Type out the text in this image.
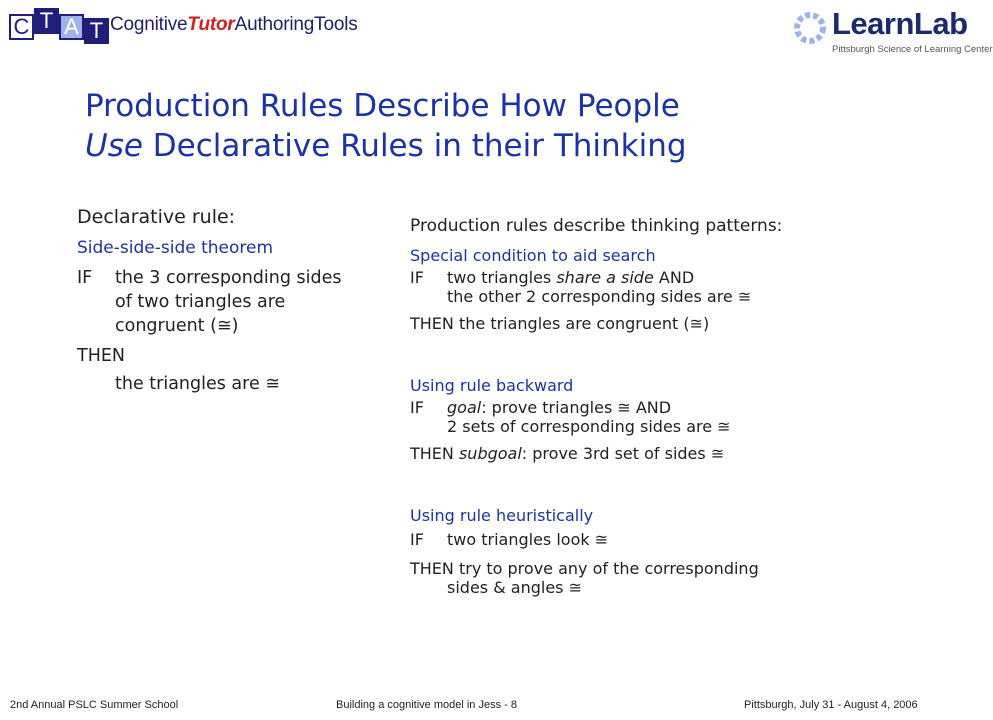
C T A T CognitiveTutorAuthoringTools	LearnLab
Pittsburgh Science of Learning Center
Production Rules Describe How People
Use Declarative Rules in their Thinking
Declarative rule:
Side-side-side theorem
IF	the 3 corresponding sides
of two triangles are
congruent (≅)
THEN
the triangles are ≅
Production rules describe thinking patterns:
Special condition to aid search
IF two triangles share a side AND
the other 2 corresponding sides are ≅
THEN the triangles are congruent (≅)
Using rule backward
IF goal: prove triangles ≅ AND
2 sets of corresponding sides are ≅
THEN subgoal: prove 3rd set of sides ≅
Using rule heuristically
IF two triangles look ≅
THEN try to prove any of the corresponding
sides & angles ≅
2nd Annual PSLC Summer School	Building a cognitive model in Jess - 8	Pittsburgh, July 31 - August 4, 2006
